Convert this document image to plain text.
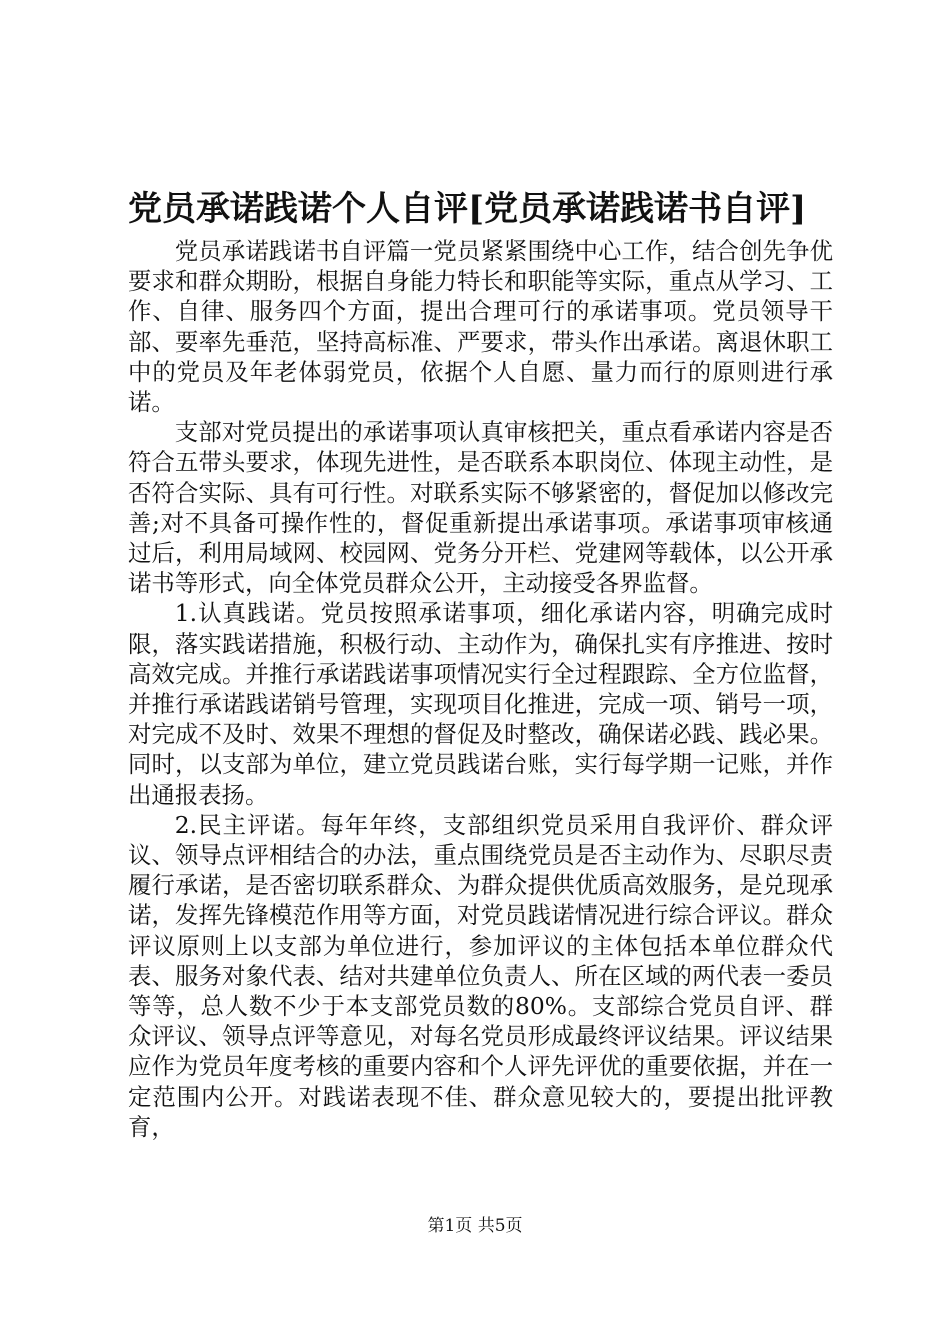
党员承诺践诺个人自评[党员承诺践诺书自评]

党员承诺践诺书自评篇一党员紧紧围绕中心工作，结合创先争优要求和群众期盼，根据自身能力特长和职能等实际，重点从学习、工作、自律、服务四个方面，提出合理可行的承诺事项。党员领导干部、要率先垂范，坚持高标准、严要求，带头作出承诺。离退休职工中的党员及年老体弱党员，依据个人自愿、量力而行的原则进行承诺。

支部对党员提出的承诺事项认真审核把关，重点看承诺内容是否符合五带头要求，体现先进性，是否联系本职岗位、体现主动性，是否符合实际、具有可行性。对联系实际不够紧密的，督促加以修改完善;对不具备可操作性的，督促重新提出承诺事项。承诺事项审核通过后，利用局域网、校园网、党务分开栏、党建网等载体，以公开承诺书等形式，向全体党员群众公开，主动接受各界监督。

1.认真践诺。党员按照承诺事项，细化承诺内容，明确完成时限，落实践诺措施，积极行动、主动作为，确保扎实有序推进、按时高效完成。并推行承诺践诺事项情况实行全过程跟踪、全方位监督，并推行承诺践诺销号管理，实现项目化推进，完成一项、销号一项，对完成不及时、效果不理想的督促及时整改，确保诺必践、践必果。同时，以支部为单位，建立党员践诺台账，实行每学期一记账，并作出通报表扬。

2.民主评诺。每年年终，支部组织党员采用自我评价、群众评议、领导点评相结合的办法，重点围绕党员是否主动作为、尽职尽责履行承诺，是否密切联系群众、为群众提供优质高效服务，是兑现承诺，发挥先锋模范作用等方面，对党员践诺情况进行综合评议。群众评议原则上以支部为单位进行，参加评议的主体包括本单位群众代表、服务对象代表、结对共建单位负责人、所在区域的两代表一委员等等，总人数不少于本支部党员数的80%。支部综合党员自评、群众评议、领导点评等意见，对每名党员形成最终评议结果。评议结果应作为党员年度考核的重要内容和个人评先评优的重要依据，并在一定范围内公开。对践诺表现不佳、群众意见较大的，要提出批评教育，

第1页 共5页
